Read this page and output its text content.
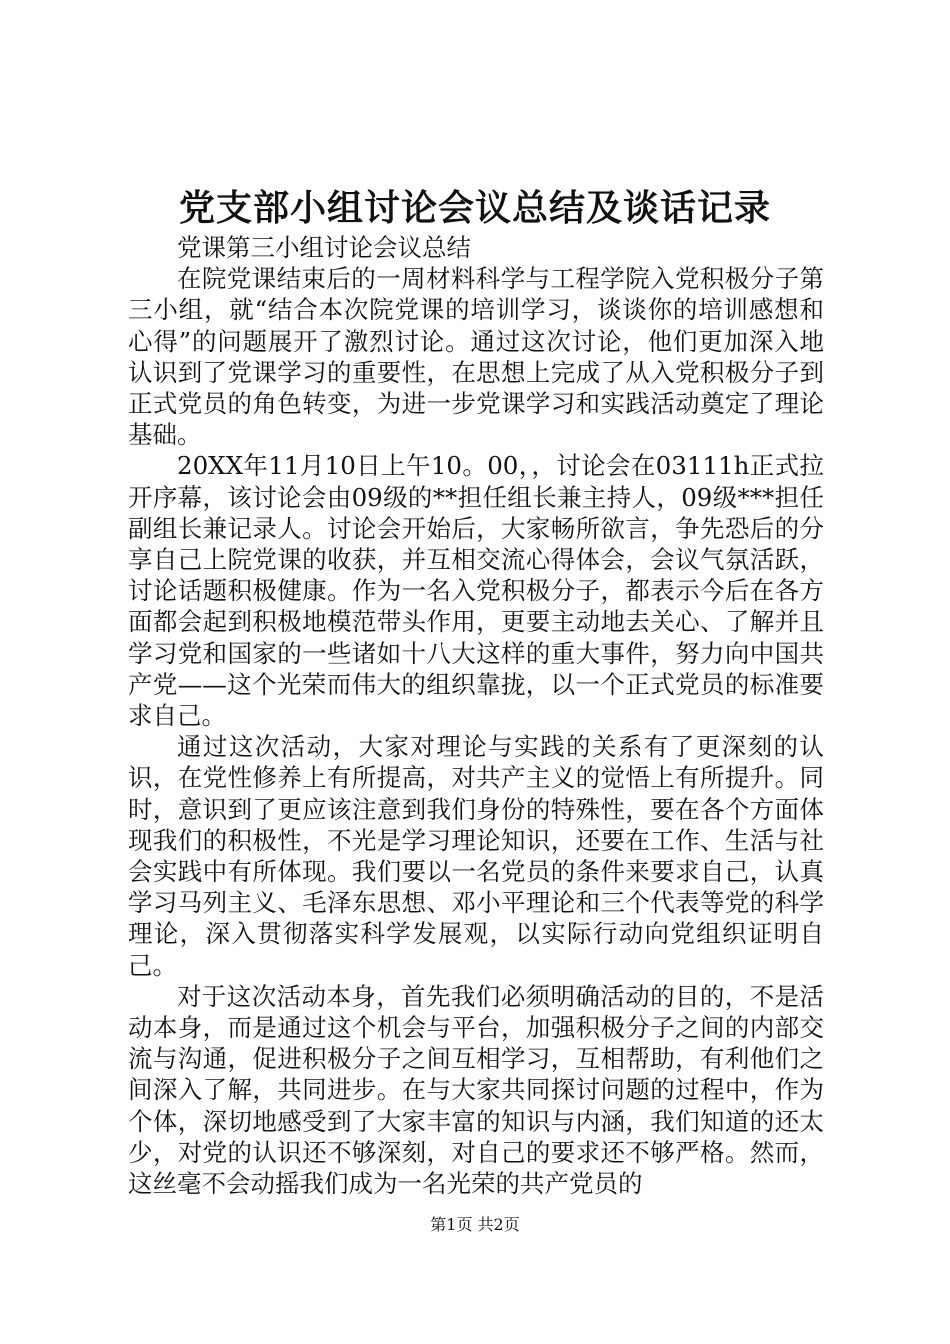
党支部小组讨论会议总结及谈话记录

党课第三小组讨论会议总结

在院党课结束后的一周材料科学与工程学院入党积极分子第三小组，就“结合本次院党课的培训学习，谈谈你的培训感想和心得”的问题展开了激烈讨论。通过这次讨论，他们更加深入地认识到了党课学习的重要性，在思想上完成了从入党积极分子到正式党员的角色转变，为进一步党课学习和实践活动奠定了理论基础。

20XX年11月10日上午10。00，，讨论会在03111h正式拉开序幕，该讨论会由09级的**担任组长兼主持人，09级***担任副组长兼记录人。讨论会开始后，大家畅所欲言，争先恐后的分享自己上院党课的收获，并互相交流心得体会，会议气氛活跃，讨论话题积极健康。作为一名入党积极分子，都表示今后在各方面都会起到积极地模范带头作用，更要主动地去关心、了解并且学习党和国家的一些诸如十八大这样的重大事件，努力向中国共产党——这个光荣而伟大的组织靠拢，以一个正式党员的标准要求自己。

通过这次活动，大家对理论与实践的关系有了更深刻的认识，在党性修养上有所提高，对共产主义的觉悟上有所提升。同时，意识到了更应该注意到我们身份的特殊性，要在各个方面体现我们的积极性，不光是学习理论知识，还要在工作、生活与社会实践中有所体现。我们要以一名党员的条件来要求自己，认真学习马列主义、毛泽东思想、邓小平理论和三个代表等党的科学理论，深入贯彻落实科学发展观，以实际行动向党组织证明自己。

对于这次活动本身，首先我们必须明确活动的目的，不是活动本身，而是通过这个机会与平台，加强积极分子之间的内部交流与沟通，促进积极分子之间互相学习，互相帮助，有利他们之间深入了解，共同进步。在与大家共同探讨问题的过程中，作为个体，深切地感受到了大家丰富的知识与内涵，我们知道的还太少，对党的认识还不够深刻，对自己的要求还不够严格。然而，这丝毫不会动摇我们成为一名光荣的共产党员的

第1页 共2页
